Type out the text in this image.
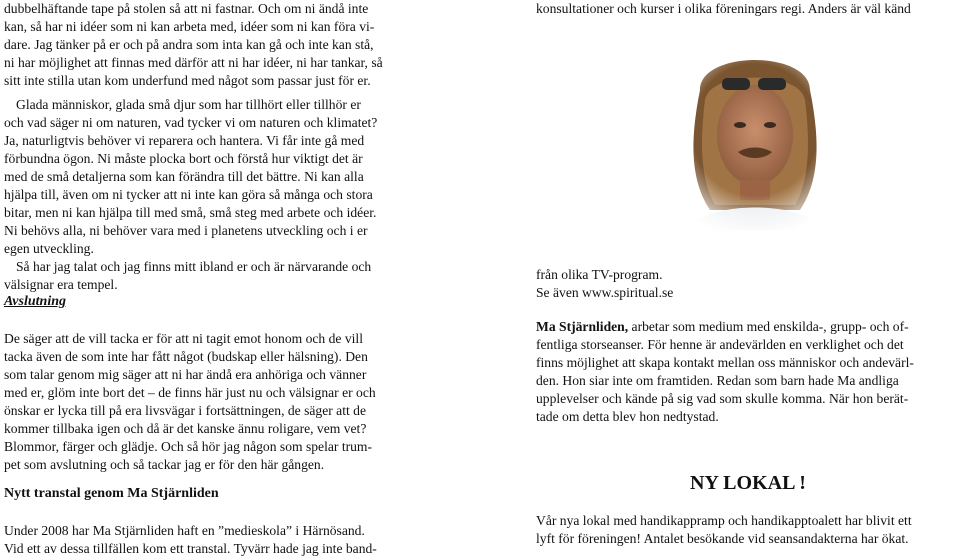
dubbelhäftande tape på stolen så att ni fastnar. Och om ni ändå inte
kan, så har ni idéer som ni kan arbeta med, idéer som ni kan föra vi-
dare. Jag tänker på er och på andra som inta kan gå och inte kan stå,
ni har möjlighet att finnas med därför att ni har idéer, ni har tankar, så
sitt inte stilla utan kom underfund med något som passar just för er.
Glada människor, glada små djur som har tillhört eller tillhör er
och vad säger ni om naturen, vad tycker vi om naturen och klimatet?
Ja, naturligtvis behöver vi reparera och hantera. Vi får inte gå med
förbundna ögon. Ni måste plocka bort och förstå hur viktigt det är
med de små detaljerna som kan förändra till det bättre. Ni kan alla
hjälpa till, även om ni tycker att ni inte kan göra så många och stora
bitar, men ni kan hjälpa till med små, små steg med arbete och idéer.
Ni behövs alla, ni behöver vara med i planetens utveckling och i er
egen utveckling.
Så har jag talat och jag finns mitt ibland er och är närvarande och
välsignar era tempel.

Avslutning

De säger att de vill tacka er för att ni tagit emot honom och de vill
tacka även de som inte har fått något (budskap eller hälsning). Den
som talar genom mig säger att ni har ändå era anhöriga och vänner
med er, glöm inte bort det – de finns här just nu och välsignar er och
önskar er lycka till på era livsvägar i fortsättningen, de säger att de
kommer tillbaka igen och då är det kanske ännu roligare, vem vet?
Blommor, färger och glädje. Och så hör jag någon som spelar trum-
pet som avslutning och så tackar jag er för den här gången.

Nytt transtal genom Ma Stjärnliden

Under 2008 har Ma Stjärnliden haft en ”medieskola” i Härnösand.
Vid ett av dessa tillfällen kom ett transtal. Tyvärr hade jag inte band-
konsultationer och kurser i olika föreningars regi. Anders är väl känd
från olika TV-program.
Se även www.spiritual.se
Ma Stjärnliden, arbetar som medium med enskilda-, grupp- och of-
fentliga storseanser. För henne är andevärlden en verklighet och det
finns möjlighet att skapa kontakt mellan oss människor och andevärl-
den. Hon siar inte om framtiden. Redan som barn hade Ma andliga
upplevelser och kände på sig vad som skulle komma. När hon berät-
tade om detta blev hon nedtystad.

NY LOKAL !

Vår nya lokal med handikappramp och handikapptoalett har blivit ett
lyft för föreningen! Antalet besökande vid seansandakterna har ökat.
